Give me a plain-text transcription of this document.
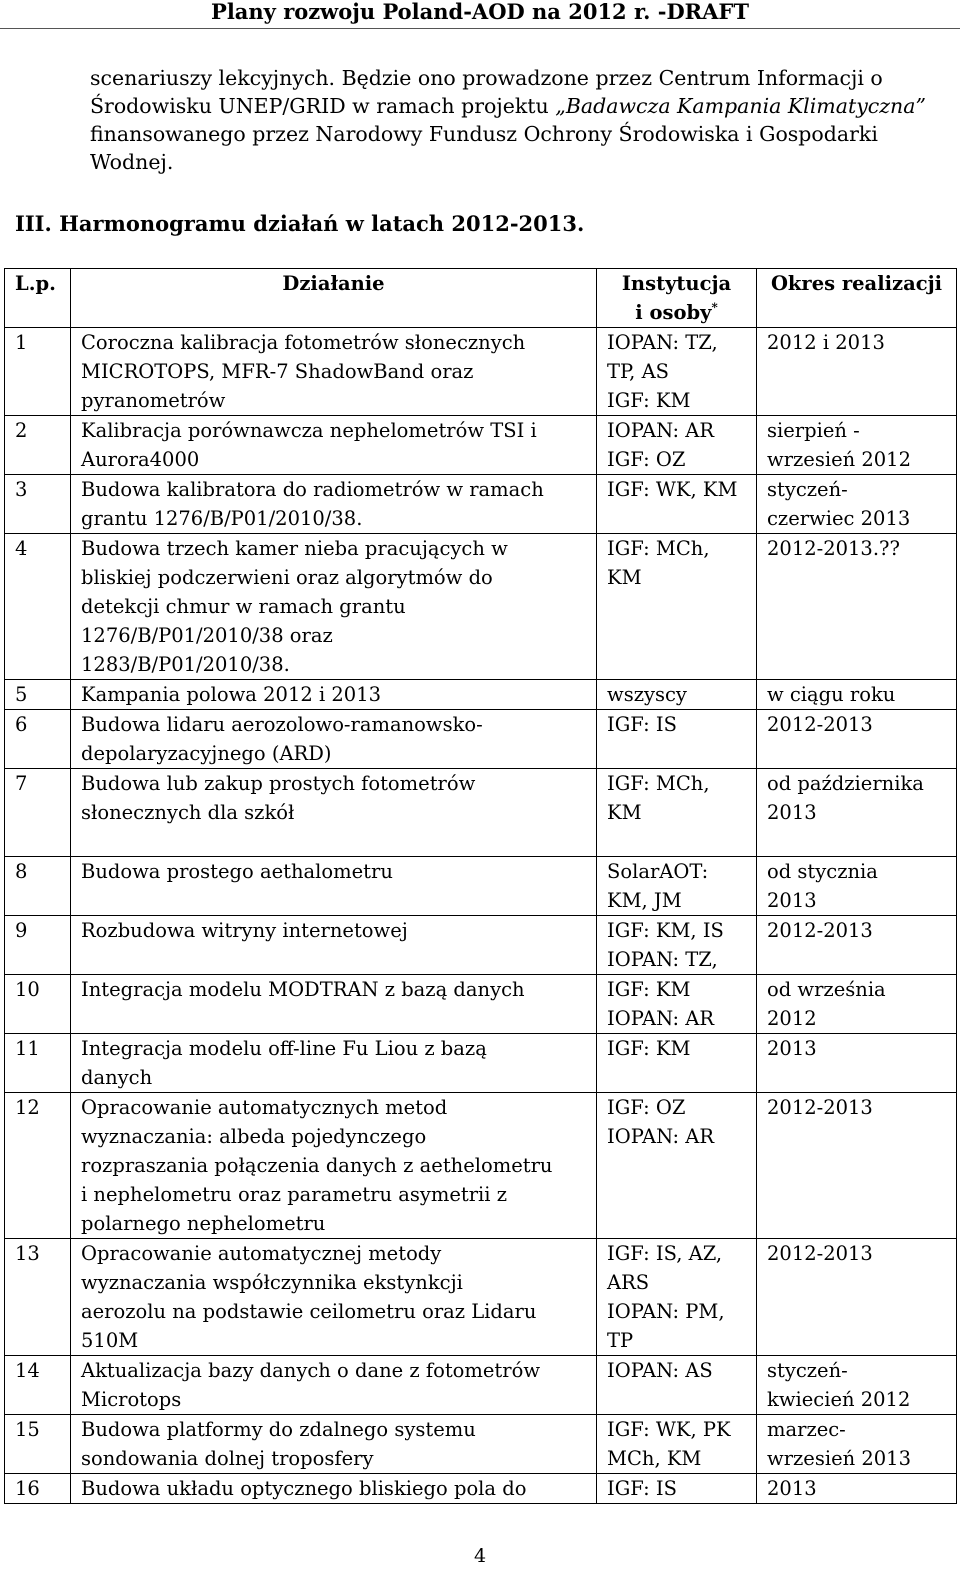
Plany rozwoju Poland-AOD na 2012 r. -DRAFT
scenariuszy lekcyjnych. Będzie ono prowadzone przez Centrum Informacji o Środowisku UNEP/GRID w ramach projektu „Badawcza Kampania Klimatyczna” finansowanego przez Narodowy Fundusz Ochrony Środowiska i Gospodarki Wodnej.
III. Harmonogramu działań w latach 2012-2013.
L.p.	Działanie	Instytucja
i osoby*	Okres realizacji
1	Coroczna kalibracja fotometrów słonecznych
MICROTOPS, MFR-7 ShadowBand oraz
pyranometrów	IOPAN: TZ,
TP, AS
IGF: KM	2012 i 2013

2	Kalibracja porównawcza nephelometrów TSI i
Aurora4000	IOPAN: AR
IGF: OZ	sierpień -
wrzesień 2012

3	Budowa kalibratora do radiometrów w ramach
grantu 1276/B/P01/2010/38.	IGF: WK, KM	styczeń-
czerwiec 2013

4	Budowa trzech kamer nieba pracujących w
bliskiej podczerwieni oraz algorytmów do
detekcji chmur w ramach grantu
1276/B/P01/2010/38 oraz
1283/B/P01/2010/38.	IGF: MCh,
KM	2012-2013.??

5	Kampania polowa 2012 i 2013	wszyscy	w ciągu roku

6	Budowa lidaru aerozolowo-ramanowsko-
depolaryzacyjnego (ARD)	IGF: IS	2012-2013

7	Budowa lub zakup prostych fotometrów
słonecznych dla szkół	IGF: MCh,
KM	od października
2013

8	Budowa prostego aethalometru	SolarAOT:
KM, JM	od stycznia
2013

9	Rozbudowa witryny internetowej	IGF: KM, IS
IOPAN: TZ,	2012-2013

10	Integracja modelu MODTRAN z bazą danych	IGF: KM
IOPAN: AR	od września
2012

11	Integracja modelu off-line Fu Liou z bazą
danych	IGF: KM	2013

12	Opracowanie automatycznych metod
wyznaczania: albeda pojedynczego
rozpraszania połączenia danych z aethelometru
i nephelometru oraz parametru asymetrii z
polarnego nephelometru	IGF: OZ
IOPAN: AR	2012-2013

13	Opracowanie automatycznej metody
wyznaczania współczynnika ekstynkcji
aerozolu na podstawie ceilometru oraz Lidaru
510M	IGF: IS, AZ,
ARS
IOPAN: PM,
TP	2012-2013

14	Aktualizacja bazy danych o dane z fotometrów
Microtops	IOPAN: AS	styczeń-
kwiecień 2012

15	Budowa platformy do zdalnego systemu
sondowania dolnej troposfery	IGF: WK, PK
MCh, KM	marzec-
wrzesień 2013

16	Budowa układu optycznego bliskiego pola do	IGF: IS	2013
4
